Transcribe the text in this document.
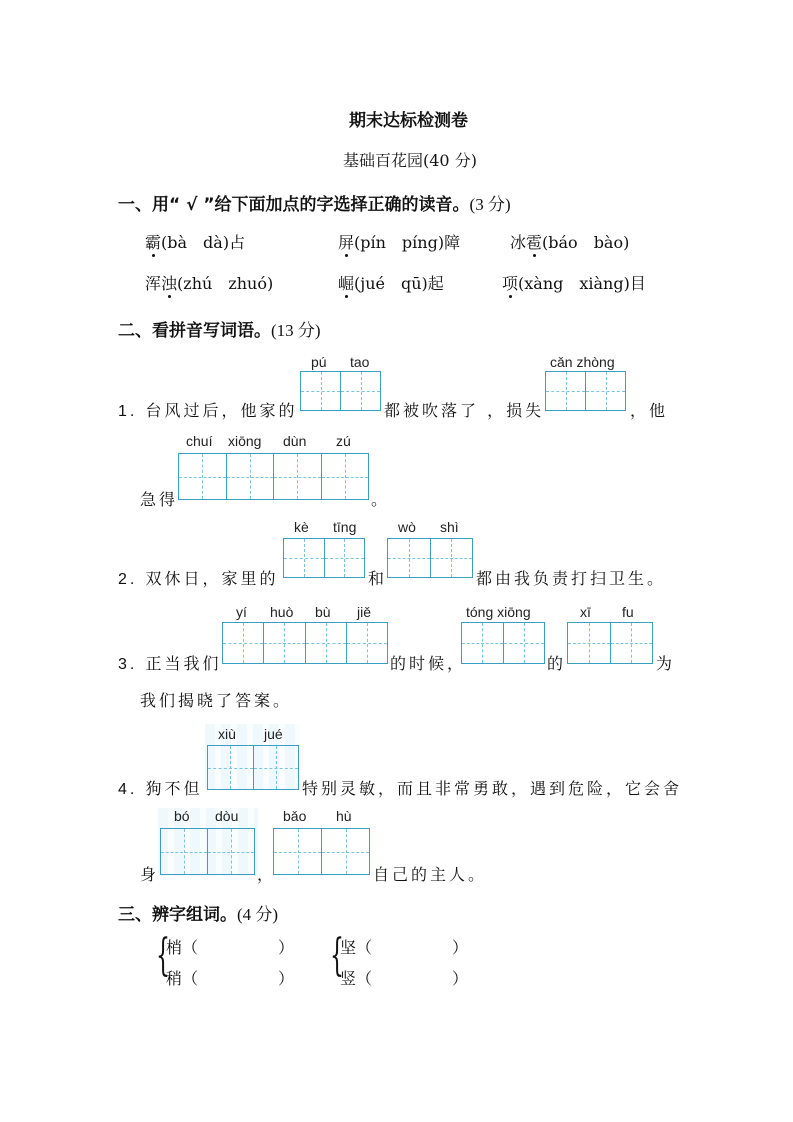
期末达标检测卷
基础百花园(40 分)
一、用“ √ ”给下面加点的字选择正确的读音。(3 分)
霸(bà　dà)占	屏(pín　píng)障	冰雹(báo　bào)
浑浊(zhú　zhuó)	崛(jué　qū)起	项(xàng　xiàng)目
二、看拼音写词语。(13 分)
pú tao	cǎn zhòng
1. 台风过后，他家的	都被吹落了 ，损失	，他
chuí xiōng dùn zú
急得	。
kè tīng	wò shì
2. 双休日，家里的	和	都由我负责打扫卫生。
yí huò bù jiě	tóng xiōng	xī fu
3. 正当我们	的时候，	的	为
我们揭晓了答案。
xiù jué
4. 狗不但	特别灵敏，而且非常勇敢，遇到危险，它会舍
bó dòu	bǎo hù
身	，	自己的主人。
三、辨字组词。(4 分)
{
梢（	）
稍（	） {
坚（	）
竖（	）
